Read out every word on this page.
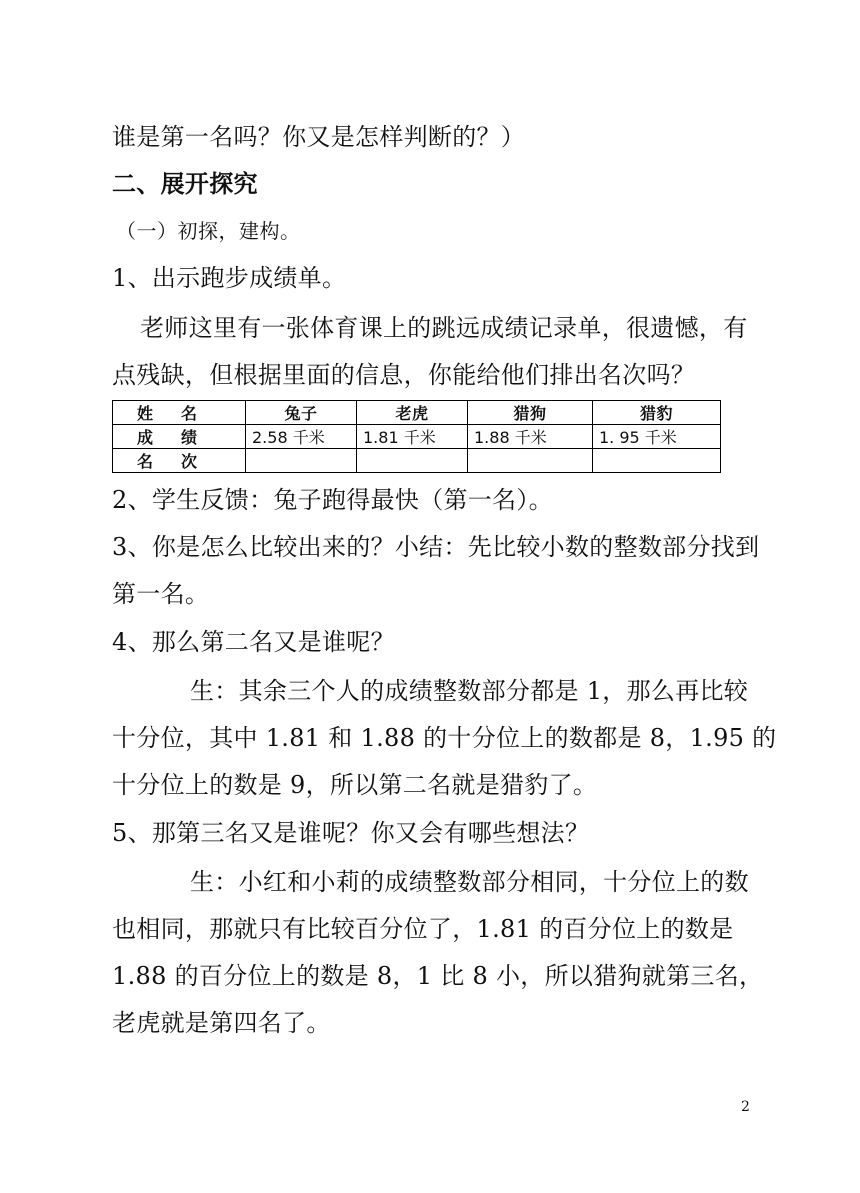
谁是第一名吗？你又是怎样判断的？）
二、展开探究
（一）初探，建构。
1、出示跑步成绩单。
老师这里有一张体育课上的跳远成绩记录单，很遗憾，有
点残缺，但根据里面的信息，你能给他们排出名次吗？
姓　名	兔子	老虎	猎狗	猎豹
成　绩	2.58 千米	1.81 千米	1.88 千米	1. 95 千米
名　次				
2、学生反馈：兔子跑得最快（第一名）。
3、你是怎么比较出来的？小结：先比较小数的整数部分找到
第一名。
4、那么第二名又是谁呢？
生：其余三个人的成绩整数部分都是 1，那么再比较
十分位，其中 1.81 和 1.88 的十分位上的数都是 8，1.95 的
十分位上的数是 9，所以第二名就是猎豹了。
5、那第三名又是谁呢？你又会有哪些想法？
生：小红和小莉的成绩整数部分相同，十分位上的数
也相同，那就只有比较百分位了，1.81 的百分位上的数是
1.88 的百分位上的数是 8，1 比 8 小，所以猎狗就第三名，
老虎就是第四名了。
2
